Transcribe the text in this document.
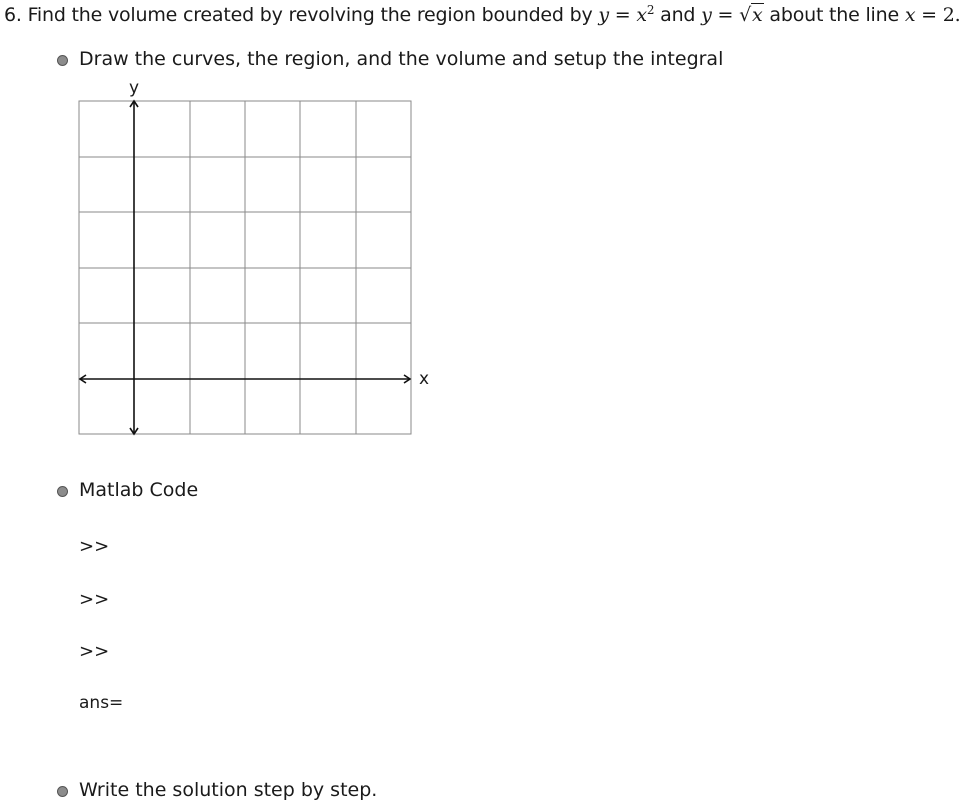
6. Find the volume created by revolving the region bounded by $y = x^2$ and y = √x about the line x = 2.
Draw the curves, the region, and the volume and setup the integral
y
x
Matlab Code
>>
>>
>>
ans=
Write the solution step by step.
